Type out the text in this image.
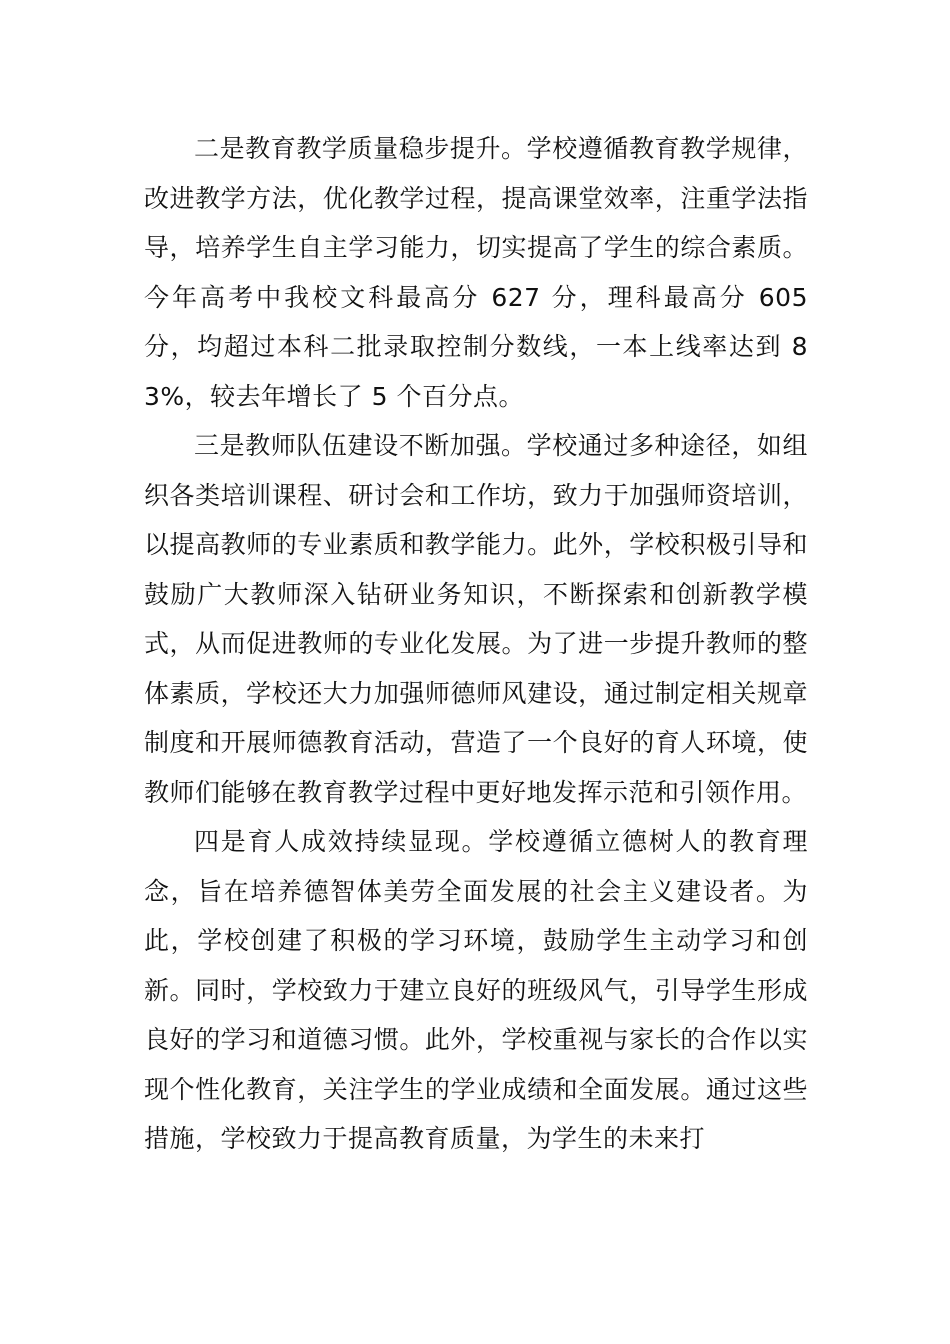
二是教育教学质量稳步提升。学校遵循教育教学规律，改进教学方法，优化教学过程，提高课堂效率，注重学法指导，培养学生自主学习能力，切实提高了学生的综合素质。今年高考中我校文科最高分 627 分，理科最高分 605 分，均超过本科二批录取控制分数线，一本上线率达到 83%，较去年增长了 5 个百分点。

三是教师队伍建设不断加强。学校通过多种途径，如组织各类培训课程、研讨会和工作坊，致力于加强师资培训，以提高教师的专业素质和教学能力。此外，学校积极引导和鼓励广大教师深入钻研业务知识，不断探索和创新教学模式，从而促进教师的专业化发展。为了进一步提升教师的整体素质，学校还大力加强师德师风建设，通过制定相关规章制度和开展师德教育活动，营造了一个良好的育人环境，使教师们能够在教育教学过程中更好地发挥示范和引领作用。

四是育人成效持续显现。学校遵循立德树人的教育理念，旨在培养德智体美劳全面发展的社会主义建设者。为此，学校创建了积极的学习环境，鼓励学生主动学习和创新。同时，学校致力于建立良好的班级风气，引导学生形成良好的学习和道德习惯。此外，学校重视与家长的合作以实现个性化教育，关注学生的学业成绩和全面发展。通过这些措施，学校致力于提高教育质量，为学生的未来打
